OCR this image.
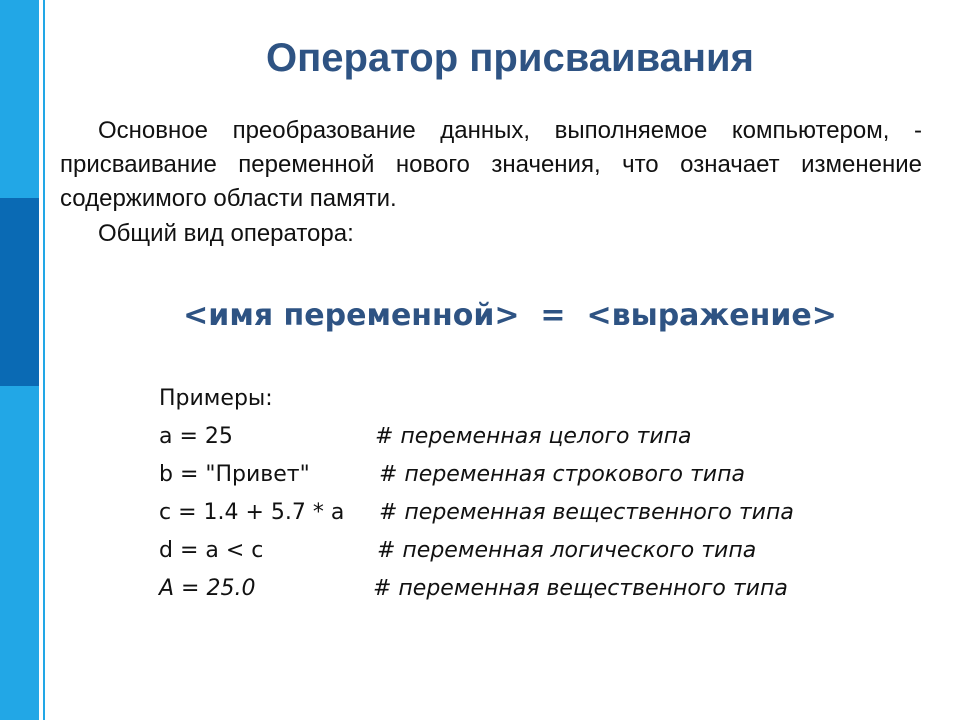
Оператор присваивания

Основное преобразование данных, выполняемое компьютером, - присваивание переменной нового значения, что означает изменение содержимого области памяти.

Общий вид оператора:

<имя переменной>  =  <выражение>

Примеры:
a = 25	# переменная целого типа
b = "Привет"	# переменная строкового типа
c = 1.4 + 5.7 * a # переменная вещественного типа
d = a < c	# переменная логического типа
A = 25.0	# переменная вещественного типа
